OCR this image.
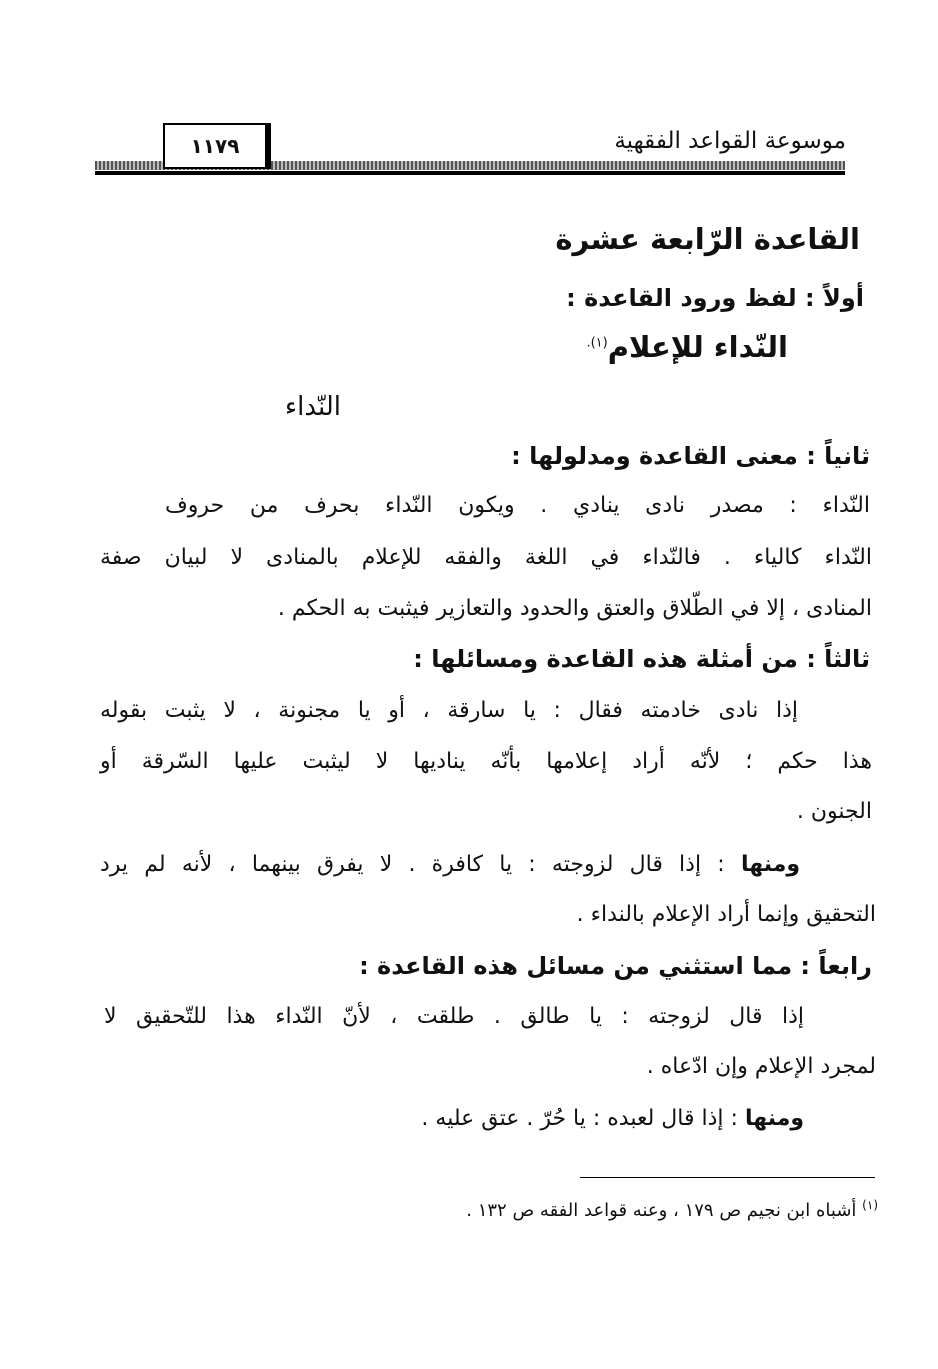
موسوعة القواعد الفقهية
١١٧٩
القاعدة الرّابعة عشرة
أولاً : لفظ ورود القاعدة :
النّداء للإعلام$^{(١).}$
النّداء
ثانياً : معنى القاعدة ومدلولها :
النّداء : مصدر نادى ينادي . ويكون النّداء بحرف من حروف
النّداء كالياء . فالنّداء في اللغة والفقه للإعلام بالمنادى لا لبيان صفة
المنادى ، إلا في الطّلاق والعتق والحدود والتعازير فيثبت به الحكم .
ثالثاً : من أمثلة هذه القاعدة ومسائلها :
إذا نادى خادمته فقال : يا سارقة ، أو يا مجنونة ، لا يثبت بقوله
هذا حكم ؛ لأنّه أراد إعلامها بأنّه يناديها لا ليثبت عليها السّرقة أو
الجنون .
ومنها : إذا قال لزوجته : يا كافرة . لا يفرق بينهما ، لأنه لم يرد
التحقيق وإنما أراد الإعلام بالنداء .
رابعاً : مما استثني من مسائل هذه القاعدة :
إذا قال لزوجته : يا طالق . طلقت ، لأنّ النّداء هذا للتّحقيق لا
لمجرد الإعلام وإن ادّعاه .
ومنها : إذا قال لعبده : يا حُرّ . عتق عليه .
$^{(١)}$ أشباه ابن نجيم ص ١٧٩ ، وعنه قواعد الفقه ص ١٣٢ .
